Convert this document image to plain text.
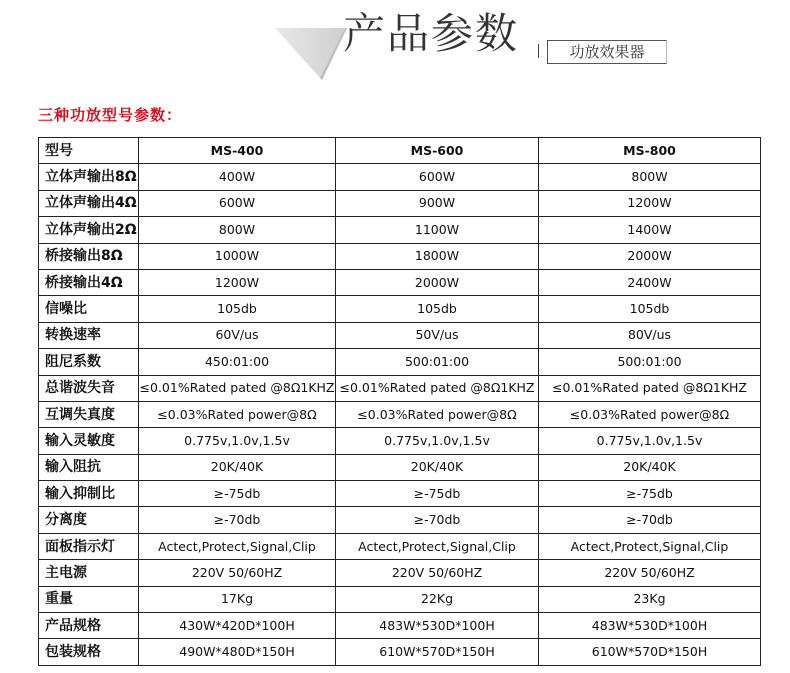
产品参数	功放效果器
三种功放型号参数：
型号	MS-400	MS-600	MS-800
立体声输出8Ω	400W	600W	800W
立体声输出4Ω	600W	900W	1200W
立体声输出2Ω	800W	1100W	1400W
桥接输出8Ω	1000W	1800W	2000W
桥接输出4Ω	1200W	2000W	2400W
信噪比	105db	105db	105db
转换速率	60V/us	50V/us	80V/us
阻尼系数	450:01:00	500:01:00	500:01:00
总谐波失音	≤0.01%Rated pated @8Ω1KHZ	≤0.01%Rated pated @8Ω1KHZ	≤0.01%Rated pated @8Ω1KHZ
互调失真度	≤0.03%Rated power@8Ω	≤0.03%Rated power@8Ω	≤0.03%Rated power@8Ω
输入灵敏度	0.775v,1.0v,1.5v	0.775v,1.0v,1.5v	0.775v,1.0v,1.5v
输入阻抗	20K/40K	20K/40K	20K/40K
输入抑制比	≥-75db	≥-75db	≥-75db
分离度	≥-70db	≥-70db	≥-70db
面板指示灯	Actect,Protect,Signal,Clip	Actect,Protect,Signal,Clip	Actect,Protect,Signal,Clip
主电源	220V 50/60HZ	220V 50/60HZ	220V 50/60HZ
重量	17Kg	22Kg	23Kg
产品规格	430W*420D*100H	483W*530D*100H	483W*530D*100H
包装规格	490W*480D*150H	610W*570D*150H	610W*570D*150H
